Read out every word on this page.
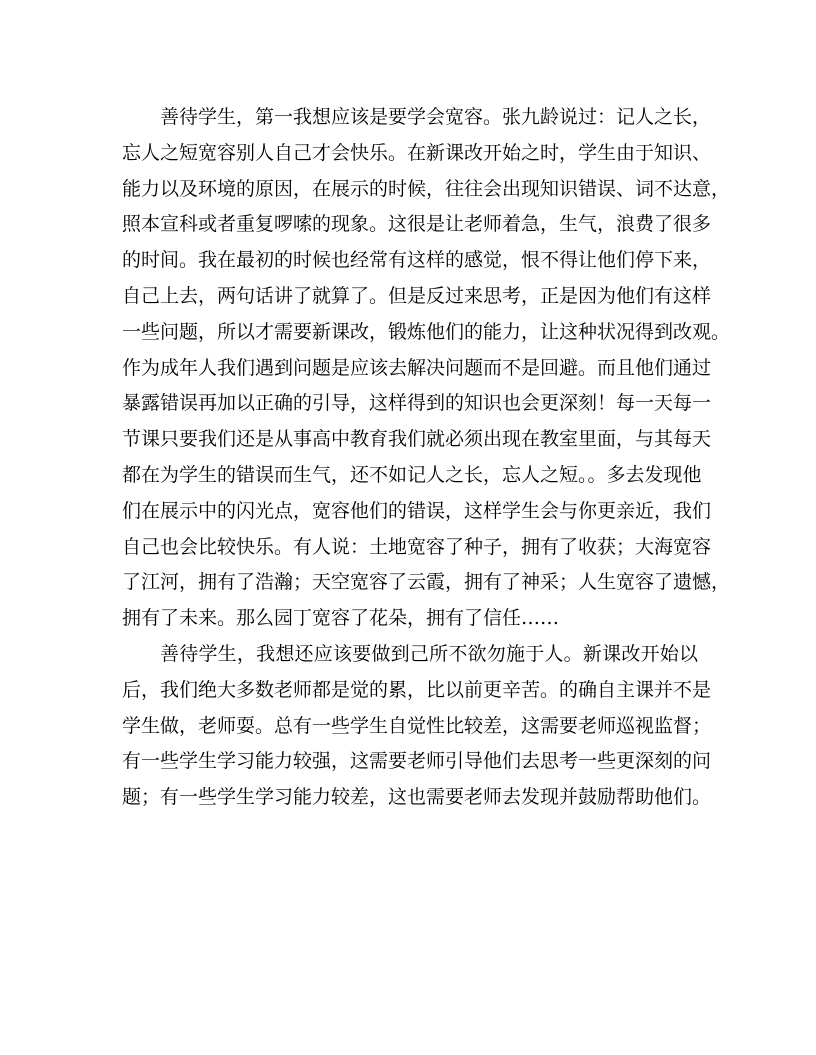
善待学生，第一我想应该是要学会宽容。张九龄说过：记人之长，
忘人之短宽容别人自己才会快乐。在新课改开始之时，学生由于知识、
能力以及环境的原因，在展示的时候，往往会出现知识错误、词不达意，
照本宣科或者重复啰嗦的现象。这很是让老师着急，生气，浪费了很多
的时间。我在最初的时候也经常有这样的感觉，恨不得让他们停下来，
自己上去，两句话讲了就算了。但是反过来思考，正是因为他们有这样
一些问题，所以才需要新课改，锻炼他们的能力，让这种状况得到改观。
作为成年人我们遇到问题是应该去解决问题而不是回避。而且他们通过
暴露错误再加以正确的引导，这样得到的知识也会更深刻！每一天每一
节课只要我们还是从事高中教育我们就必须出现在教室里面，与其每天
都在为学生的错误而生气，还不如记人之长，忘人之短。。多去发现他
们在展示中的闪光点，宽容他们的错误，这样学生会与你更亲近，我们
自己也会比较快乐。有人说：土地宽容了种子，拥有了收获；大海宽容
了江河，拥有了浩瀚；天空宽容了云霞，拥有了神采；人生宽容了遗憾，
拥有了未来。那么园丁宽容了花朵，拥有了信任……
善待学生，我想还应该要做到己所不欲勿施于人。新课改开始以
后，我们绝大多数老师都是觉的累，比以前更辛苦。的确自主课并不是
学生做，老师耍。总有一些学生自觉性比较差，这需要老师巡视监督；
有一些学生学习能力较强，这需要老师引导他们去思考一些更深刻的问
题；有一些学生学习能力较差，这也需要老师去发现并鼓励帮助他们。
